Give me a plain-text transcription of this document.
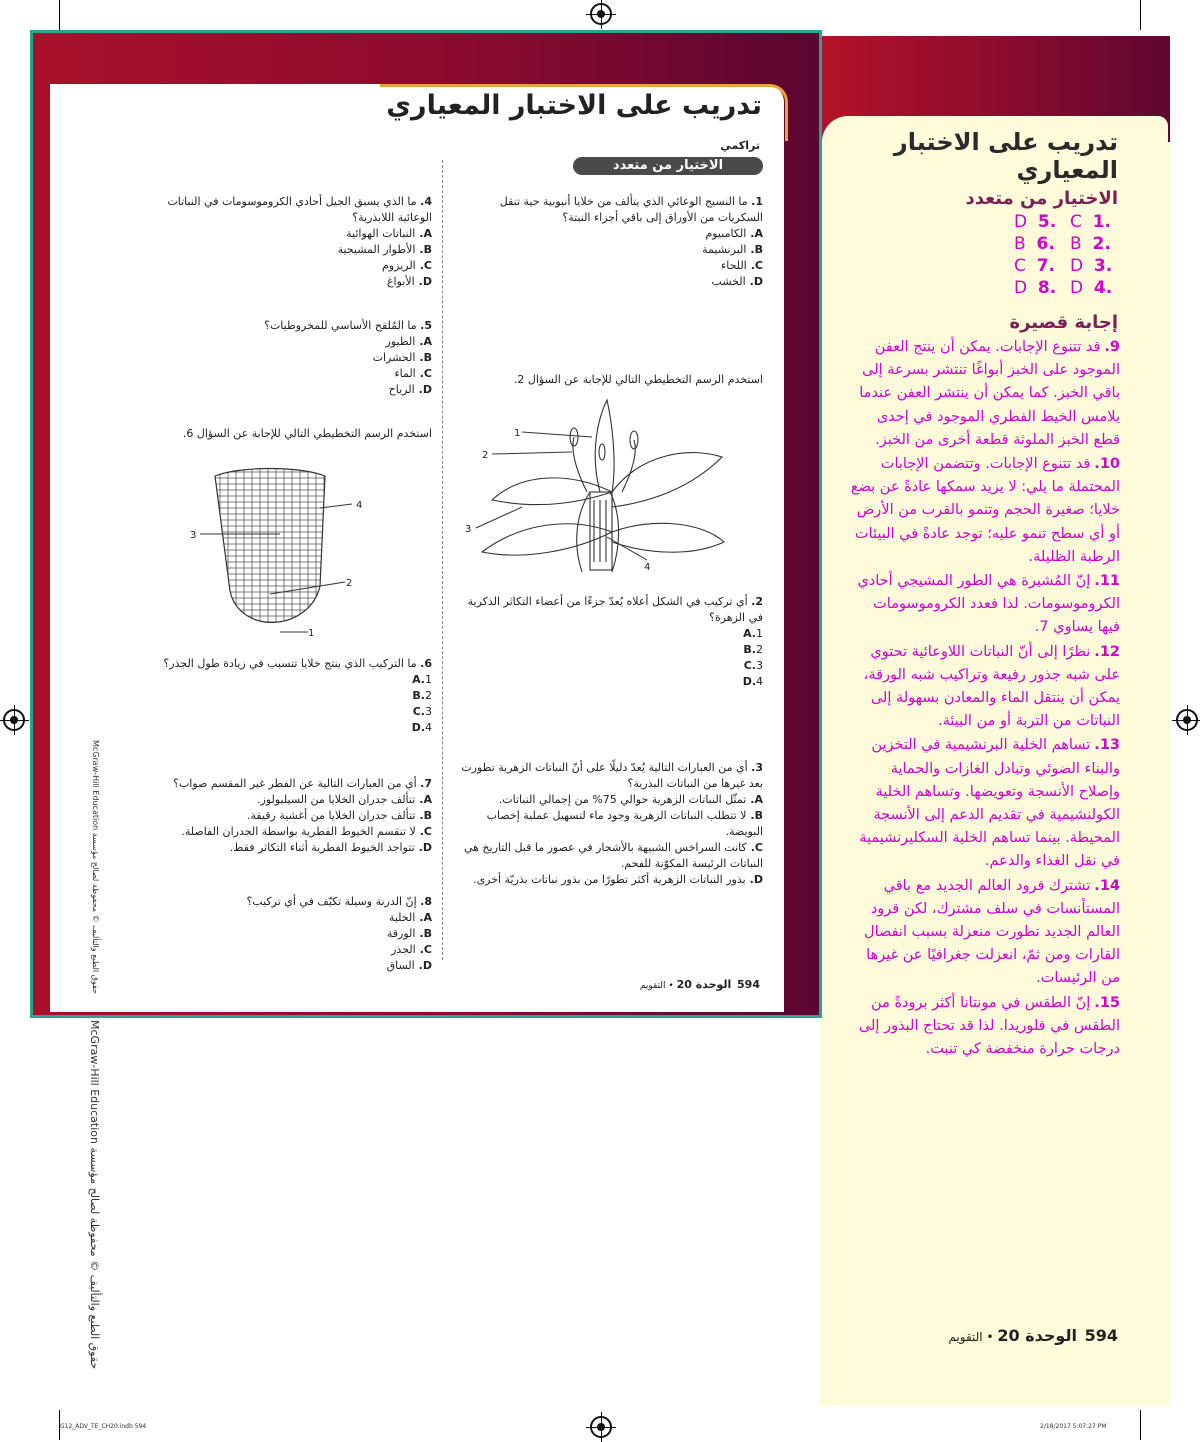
تدريب على الاختبار المعياري
الاختيار من متعدد
C 1.
B 2.
D 3.
D 4.
D 5.
B 6.
C 7.
D 8.
إجابة قصيرة

9.قد تتنوع الإجابات. يمكن أن ينتج العفن الموجود على الخبز أبواغًا تنتشر بسرعة إلى باقي الخبز. كما يمكن أن ينتشر العفن عندما يلامس الخيط الفطري الموجود في إحدى قطع الخبز الملوثة قطعة أخرى من الخبز.

10.قد تتنوع الإجابات. وتتضمن الإجابات المحتملة ما يلي: لا يزيد سمكها عادةً عن بضع خلايا؛ صغيرة الحجم وتنمو بالقرب من الأرض أو أي سطح تنمو عليه؛ توجد عادةً في البيئات الرطبة الظليلة.

11.إنّ المُشيرة هي الطور المشيجي أحادي الكروموسومات. لذا فعدد الكروموسومات فيها يساوي 7.

12.نظرًا إلى أنّ النباتات اللاوعائية تحتوي على شبه جذور رفيعة وتراكيب شبه الورقة، يمكن أن ينتقل الماء والمعادن بسهولة إلى النباتات من التربة أو من البيئة.

13.تساهم الخلية البرنشيمية في التخزين والبناء الضوئي وتبادل الغازات والحماية وإصلاح الأنسجة وتعويضها. وتساهم الخلية الكولنشيمية في تقديم الدعم إلى الأنسجة المحيطة. بينما تساهم الخلية السكليرنشيمية في نقل الغذاء والدعم.

14.تشترك قرود العالم الجديد مع باقي المستأنسات في سلف مشترك، لكن قرود العالم الجديد تطورت منعزلة بسبب انفصال القارات ومن ثمّ، انعزلت جغرافيًا عن غيرها من الرئيسات.

15.إنّ الطقس في مونتانا أكثر برودةً من الطقس في فلوريدا. لذا قد تحتاج البذور إلى درجات حرارة منخفضة كي تنبت.

594  الوحدة 20 • التقويم
تدريب على الاختبار المعياري
تراكمي
الاختيار من متعدد
1. ما النسيج الوعائي الذي يتألف من خلايا أنبوبية حية تنقل السكريات من الأوراق إلى باقي أجزاء النبتة؟
A.الكامبيوم
B.البرنشيمة
C.اللحاء
D.الخشب
استخدم الرسم التخطيطي التالي للإجابة عن السؤال 2.
1
2
3
4
2. أي تركيب في الشكل أعلاه يُعدّ جزءًا من أعضاء التكاثر الذكرية في الزهرة؟
A.1
B.2
C.3
D.4
3. أي من العبارات التالية يُعدّ دليلًا على أنّ النباتات الزهرية تطورت بعد غيرها من النباتات البذرية؟
A.تمثّل النباتات الزهرية حوالي 75% من إجمالي النباتات.
B.لا تتطلب النباتات الزهرية وجود ماء لتسهيل عملية إخصاب البويضة.
C.كانت السراخس الشبيهة بالأشجار في عصور ما قبل التاريخ هي النباتات الرئيسة المكوّنة للفحم.
D.بذور النباتات الزهرية أكثر تطورًا من بذور نباتات بذريّة أخرى.
4. ما الذي يسبق الجيل أحادي الكروموسومات في النباتات الوعائية اللابذرية؟
A.النباتات الهوائية
B.الأطوار المشيجية
C.الريزوم
D.الأبواغ
5. ما المُلقح الأساسي للمخروطيات؟
A.الطيور
B.الحشرات
C.الماء
D.الرياح
استخدم الرسم التخطيطي التالي للإجابة عن السؤال 6.
1
2
3
4
6. ما التركيب الذي ينتج خلايا تتسبب في زيادة طول الجذر؟
A.1
B.2
C.3
D.4
7. أي من العبارات التالية عن الفطر غير المقسم صواب؟
A.تتألف جدران الخلايا من السيليولوز.
B.تتألف جدران الخلايا من أغشية رقيقة.
C.لا تنقسم الخيوط الفطرية بواسطة الجدران الفاصلة.
D.تتواجد الخيوط الفطرية أثناء التكاثر فقط.
8. إنّ الدرنة وسيلة تكيّف في أي تركيب؟
A.الخلية
B.الورقة
C.الجذر
D.الساق
594  الوحدة 20 • التقويم
McGraw-Hill Education حقوق الطبع والتأليف © محفوظة لصالح مؤسسة
McGraw-Hill Education حقوق الطبع والتأليف © محفوظة لصالح مؤسسة
G12_ADV_TE_CH20.indb 594	2/18/2017 5:07:27 PM
